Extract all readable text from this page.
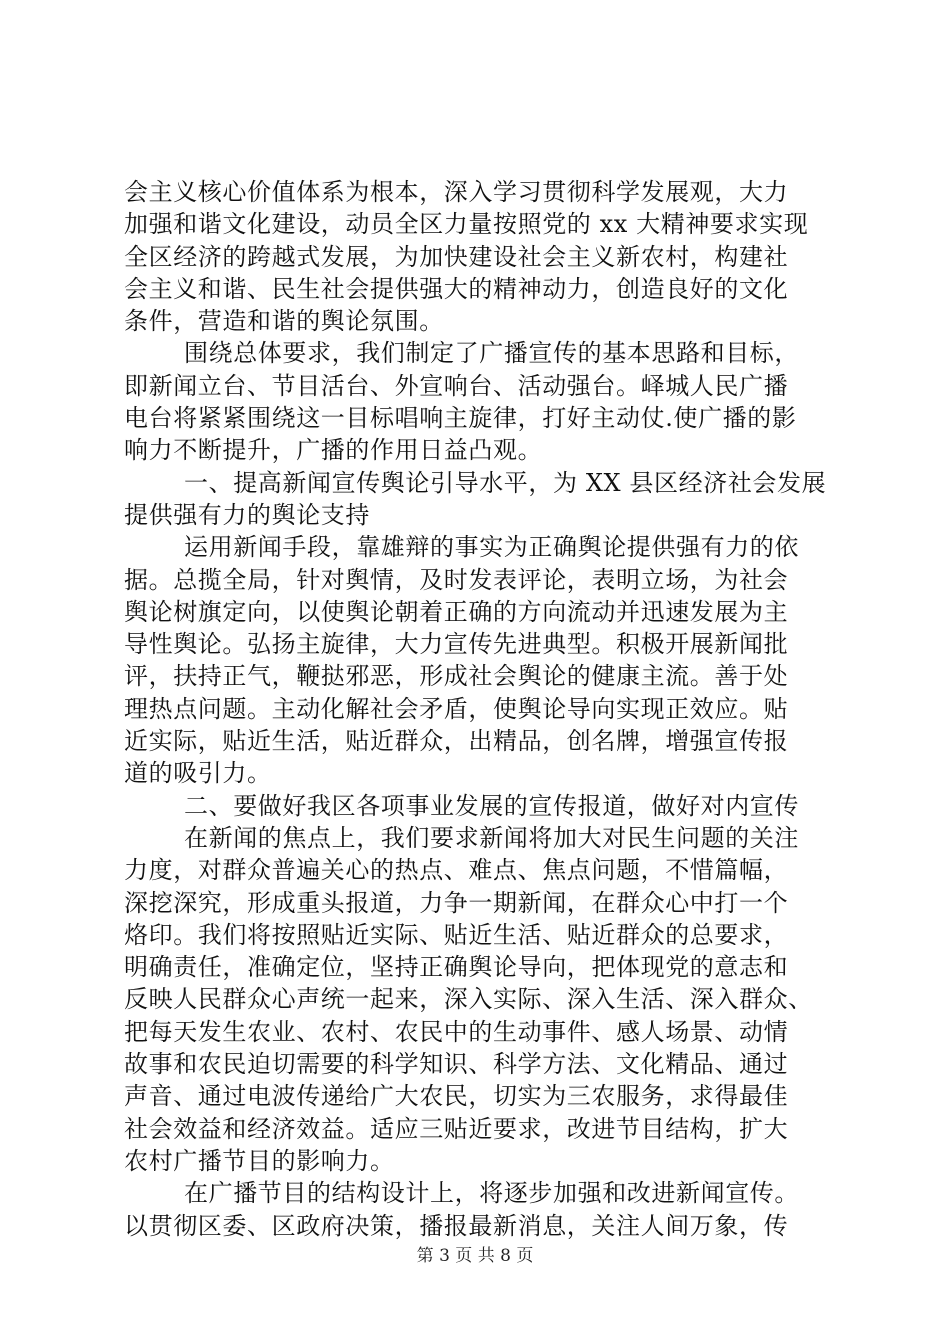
会主义核心价值体系为根本，深入学习贯彻科学发展观，大力
加强和谐文化建设，动员全区力量按照党的 xx 大精神要求实现
全区经济的跨越式发展，为加快建设社会主义新农村，构建社
会主义和谐、民生社会提供强大的精神动力，创造良好的文化
条件，营造和谐的舆论氛围。
围绕总体要求，我们制定了广播宣传的基本思路和目标，
即新闻立台、节目活台、外宣响台、活动强台。峄城人民广播
电台将紧紧围绕这一目标唱响主旋律，打好主动仗.使广播的影
响力不断提升，广播的作用日益凸观。
一、提高新闻宣传舆论引导水平，为 XX 县区经济社会发展
提供强有力的舆论支持
运用新闻手段，靠雄辩的事实为正确舆论提供强有力的依
据。总揽全局，针对舆情，及时发表评论，表明立场，为社会
舆论树旗定向，以使舆论朝着正确的方向流动并迅速发展为主
导性舆论。弘扬主旋律，大力宣传先进典型。积极开展新闻批
评，扶持正气，鞭挞邪恶，形成社会舆论的健康主流。善于处
理热点问题。主动化解社会矛盾，使舆论导向实现正效应。贴
近实际，贴近生活，贴近群众，出精品，创名牌，增强宣传报
道的吸引力。
二、要做好我区各项事业发展的宣传报道，做好对内宣传
在新闻的焦点上，我们要求新闻将加大对民生问题的关注
力度，对群众普遍关心的热点、难点、焦点问题，不惜篇幅，
深挖深究，形成重头报道，力争一期新闻，在群众心中打一个
烙印。我们将按照贴近实际、贴近生活、贴近群众的总要求，
明确责任，准确定位，坚持正确舆论导向，把体现党的意志和
反映人民群众心声统一起来，深入实际、深入生活、深入群众、
把每天发生农业、农村、农民中的生动事件、感人场景、动情
故事和农民迫切需要的科学知识、科学方法、文化精品、通过
声音、通过电波传递给广大农民，切实为三农服务，求得最佳
社会效益和经济效益。适应三贴近要求，改进节目结构，扩大
农村广播节目的影响力。
在广播节目的结构设计上，将逐步加强和改进新闻宣传。
以贯彻区委、区政府决策，播报最新消息，关注人间万象，传
第 3 页 共 8 页
